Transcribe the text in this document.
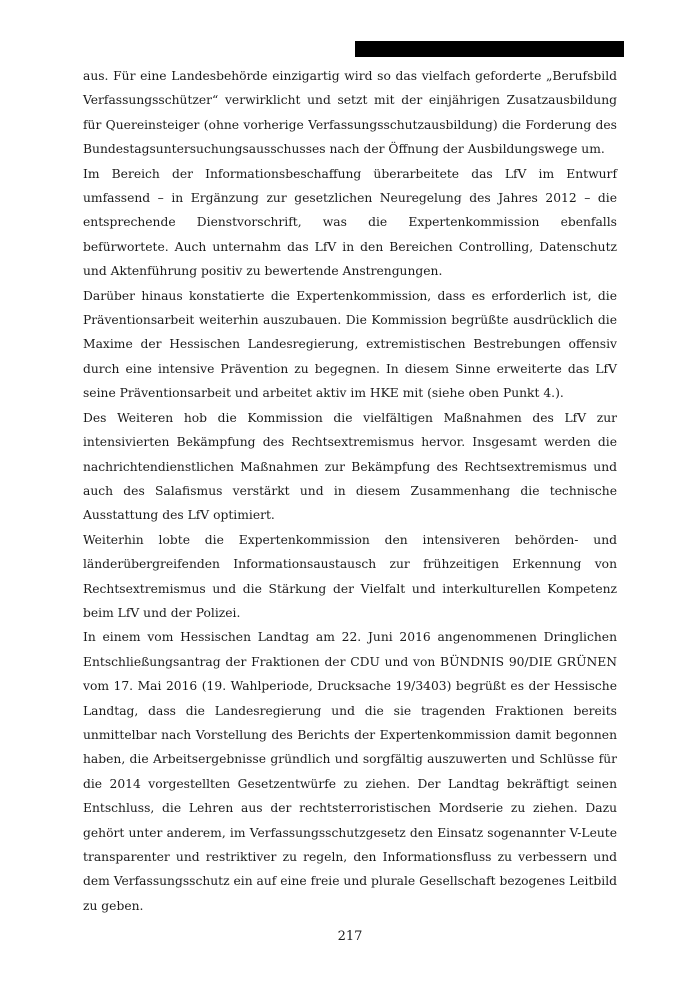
aus. Für eine Landesbehörde einzigartig wird so das vielfach geforderte „Berufsbild Verfassungsschützer“ verwirklicht und setzt mit der einjährigen Zusatzausbildung für Quereinsteiger (ohne vorherige Verfassungsschutzausbildung) die Forderung des Bundestagsuntersuchungsausschusses nach der Öffnung der Ausbildungswege um.

Im Bereich der Informationsbeschaffung überarbeitete das LfV im Entwurf umfassend – in Ergänzung zur gesetzlichen Neuregelung des Jahres 2012 – die entsprechende Dienstvorschrift, was die Expertenkommission ebenfalls befürwortete. Auch unternahm das LfV in den Bereichen Controlling, Datenschutz und Aktenführung positiv zu bewertende Anstrengungen.

Darüber hinaus konstatierte die Expertenkommission, dass es erforderlich ist, die Präventionsarbeit weiterhin auszubauen. Die Kommission begrüßte ausdrücklich die Maxime der Hessischen Landesregierung, extremistischen Bestrebungen offensiv durch eine intensive Prävention zu begegnen. In diesem Sinne erweiterte das LfV seine Präventionsarbeit und arbeitet aktiv im HKE mit (siehe oben Punkt 4.).

Des Weiteren hob die Kommission die vielfältigen Maßnahmen des LfV zur intensivierten Bekämpfung des Rechtsextremismus hervor. Insgesamt werden die nachrichtendienstlichen Maßnahmen zur Bekämpfung des Rechtsextremismus und auch des Salafismus verstärkt und in diesem Zusammenhang die technische Ausstattung des LfV optimiert.

Weiterhin lobte die Expertenkommission den intensiveren behörden- und länderübergreifenden Informationsaustausch zur frühzeitigen Erkennung von Rechtsextremismus und die Stärkung der Vielfalt und interkulturellen Kompetenz beim LfV und der Polizei.

In einem vom Hessischen Landtag am 22. Juni 2016 angenommenen Dringlichen Entschließungsantrag der Fraktionen der CDU und von BÜNDNIS 90/DIE GRÜNEN vom 17. Mai 2016 (19. Wahlperiode, Drucksache 19/3403) begrüßt es der Hessische Landtag, dass die Landesregierung und die sie tragenden Fraktionen bereits unmittelbar nach Vorstellung des Berichts der Expertenkommission damit begonnen haben, die Arbeitsergebnisse gründlich und sorgfältig auszuwerten und Schlüsse für die 2014 vorgestellten Gesetzentwürfe zu ziehen. Der Landtag bekräftigt seinen Entschluss, die Lehren aus der rechtsterroristischen Mordserie zu ziehen. Dazu gehört unter anderem, im Verfassungsschutzgesetz den Einsatz sogenannter V-Leute transparenter und restriktiver zu regeln, den Informationsfluss zu verbessern und dem Verfassungsschutz ein auf eine freie und plurale Gesellschaft bezogenes Leitbild zu geben.

217
